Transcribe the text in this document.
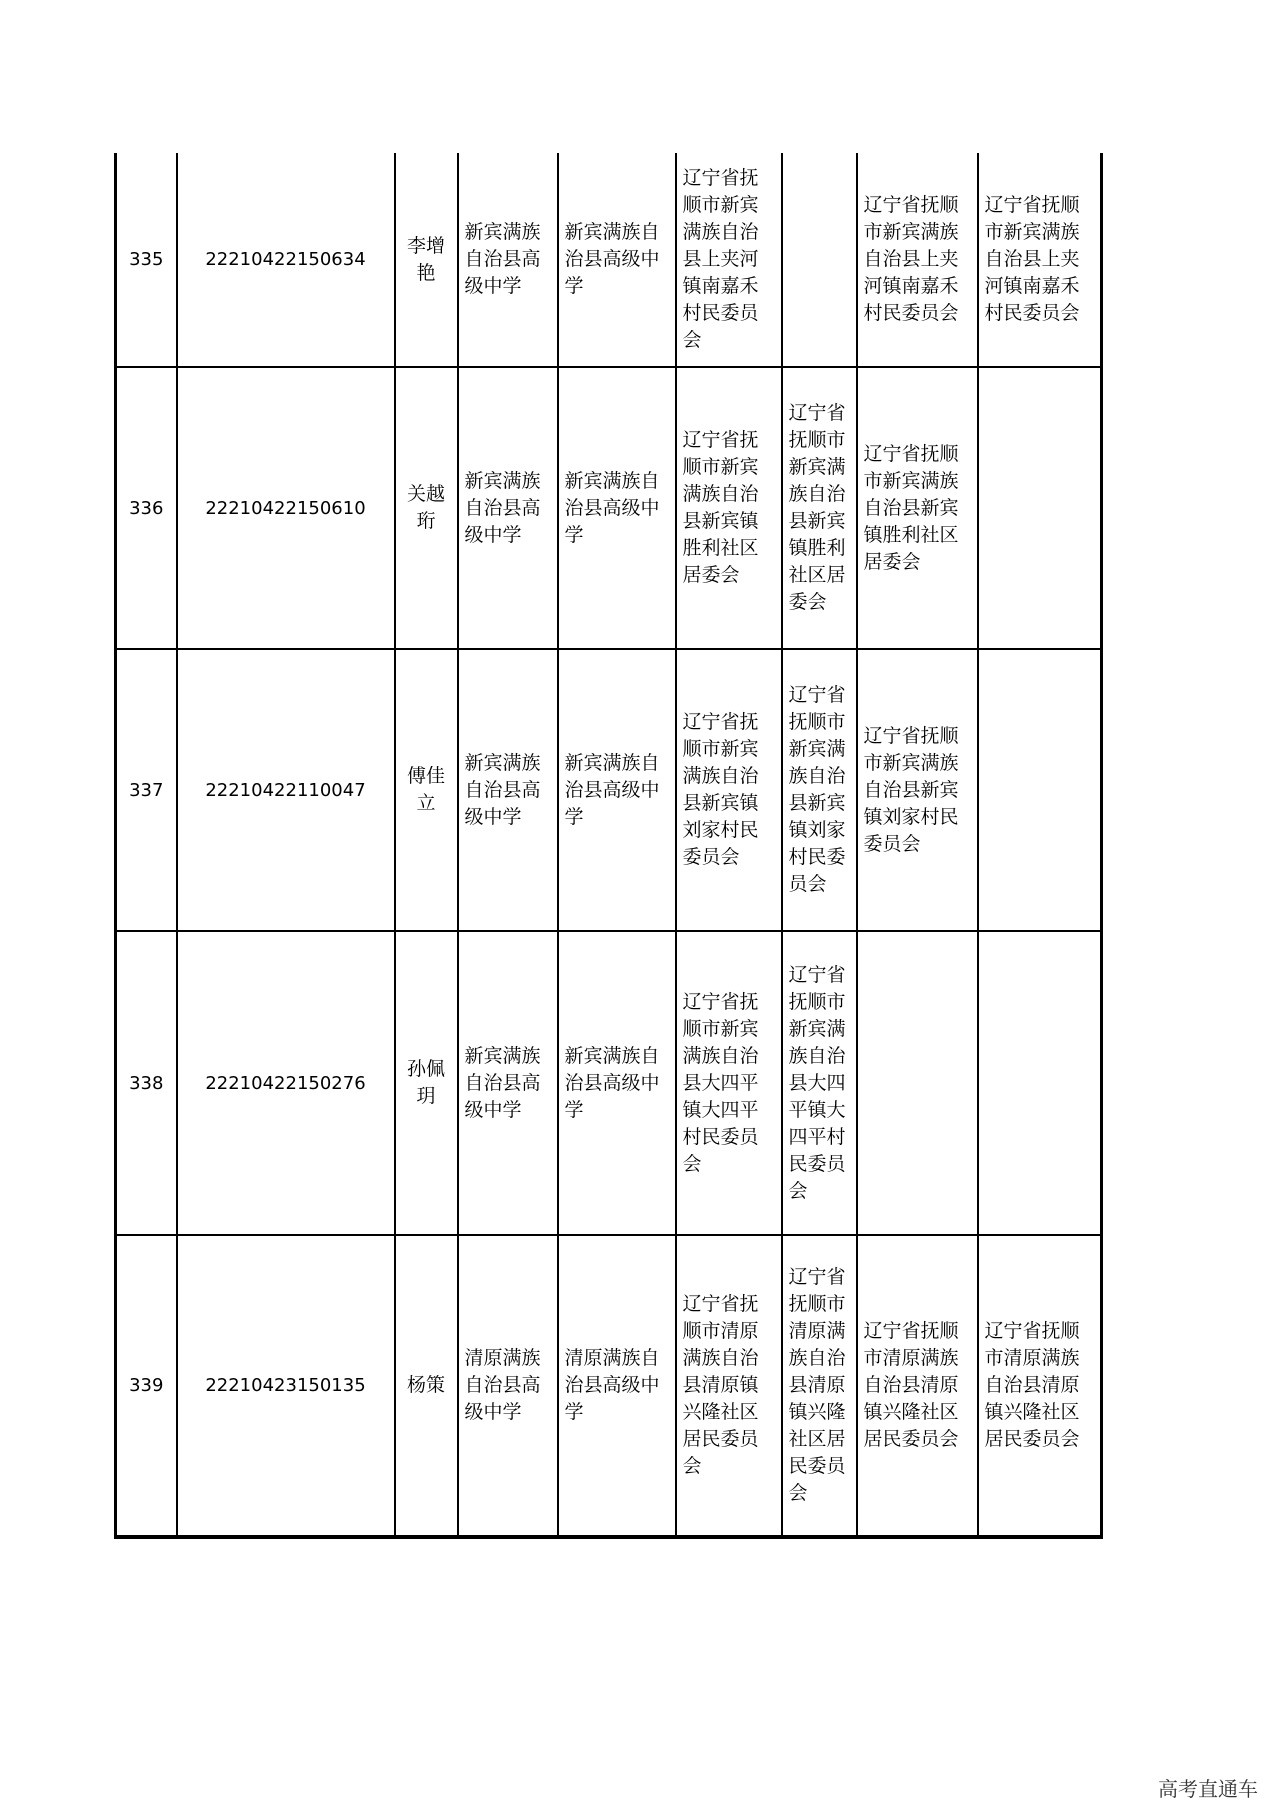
335	22210422150634	李增艳	新宾满族自治县高级中学	新宾满族自治县高级中学	辽宁省抚顺市新宾满族自治县上夹河镇南嘉禾村民委员会		辽宁省抚顺市新宾满族自治县上夹河镇南嘉禾村民委员会	辽宁省抚顺市新宾满族自治县上夹河镇南嘉禾村民委员会
336	22210422150610	关越珩	新宾满族自治县高级中学	新宾满族自治县高级中学	辽宁省抚顺市新宾满族自治县新宾镇胜利社区居委会	辽宁省抚顺市新宾满族自治县新宾镇胜利社区居委会	辽宁省抚顺市新宾满族自治县新宾镇胜利社区居委会	
337	22210422110047	傅佳立	新宾满族自治县高级中学	新宾满族自治县高级中学	辽宁省抚顺市新宾满族自治县新宾镇刘家村民委员会	辽宁省抚顺市新宾满族自治县新宾镇刘家村民委员会	辽宁省抚顺市新宾满族自治县新宾镇刘家村民委员会	
338	22210422150276	孙佩玥	新宾满族自治县高级中学	新宾满族自治县高级中学	辽宁省抚顺市新宾满族自治县大四平镇大四平村民委员会	辽宁省抚顺市新宾满族自治县大四平镇大四平村民委员会		
339	22210423150135	杨策	清原满族自治县高级中学	清原满族自治县高级中学	辽宁省抚顺市清原满族自治县清原镇兴隆社区居民委员会	辽宁省抚顺市清原满族自治县清原镇兴隆社区居民委员会	辽宁省抚顺市清原满族自治县清原镇兴隆社区居民委员会	辽宁省抚顺市清原满族自治县清原镇兴隆社区居民委员会
高考直通车
